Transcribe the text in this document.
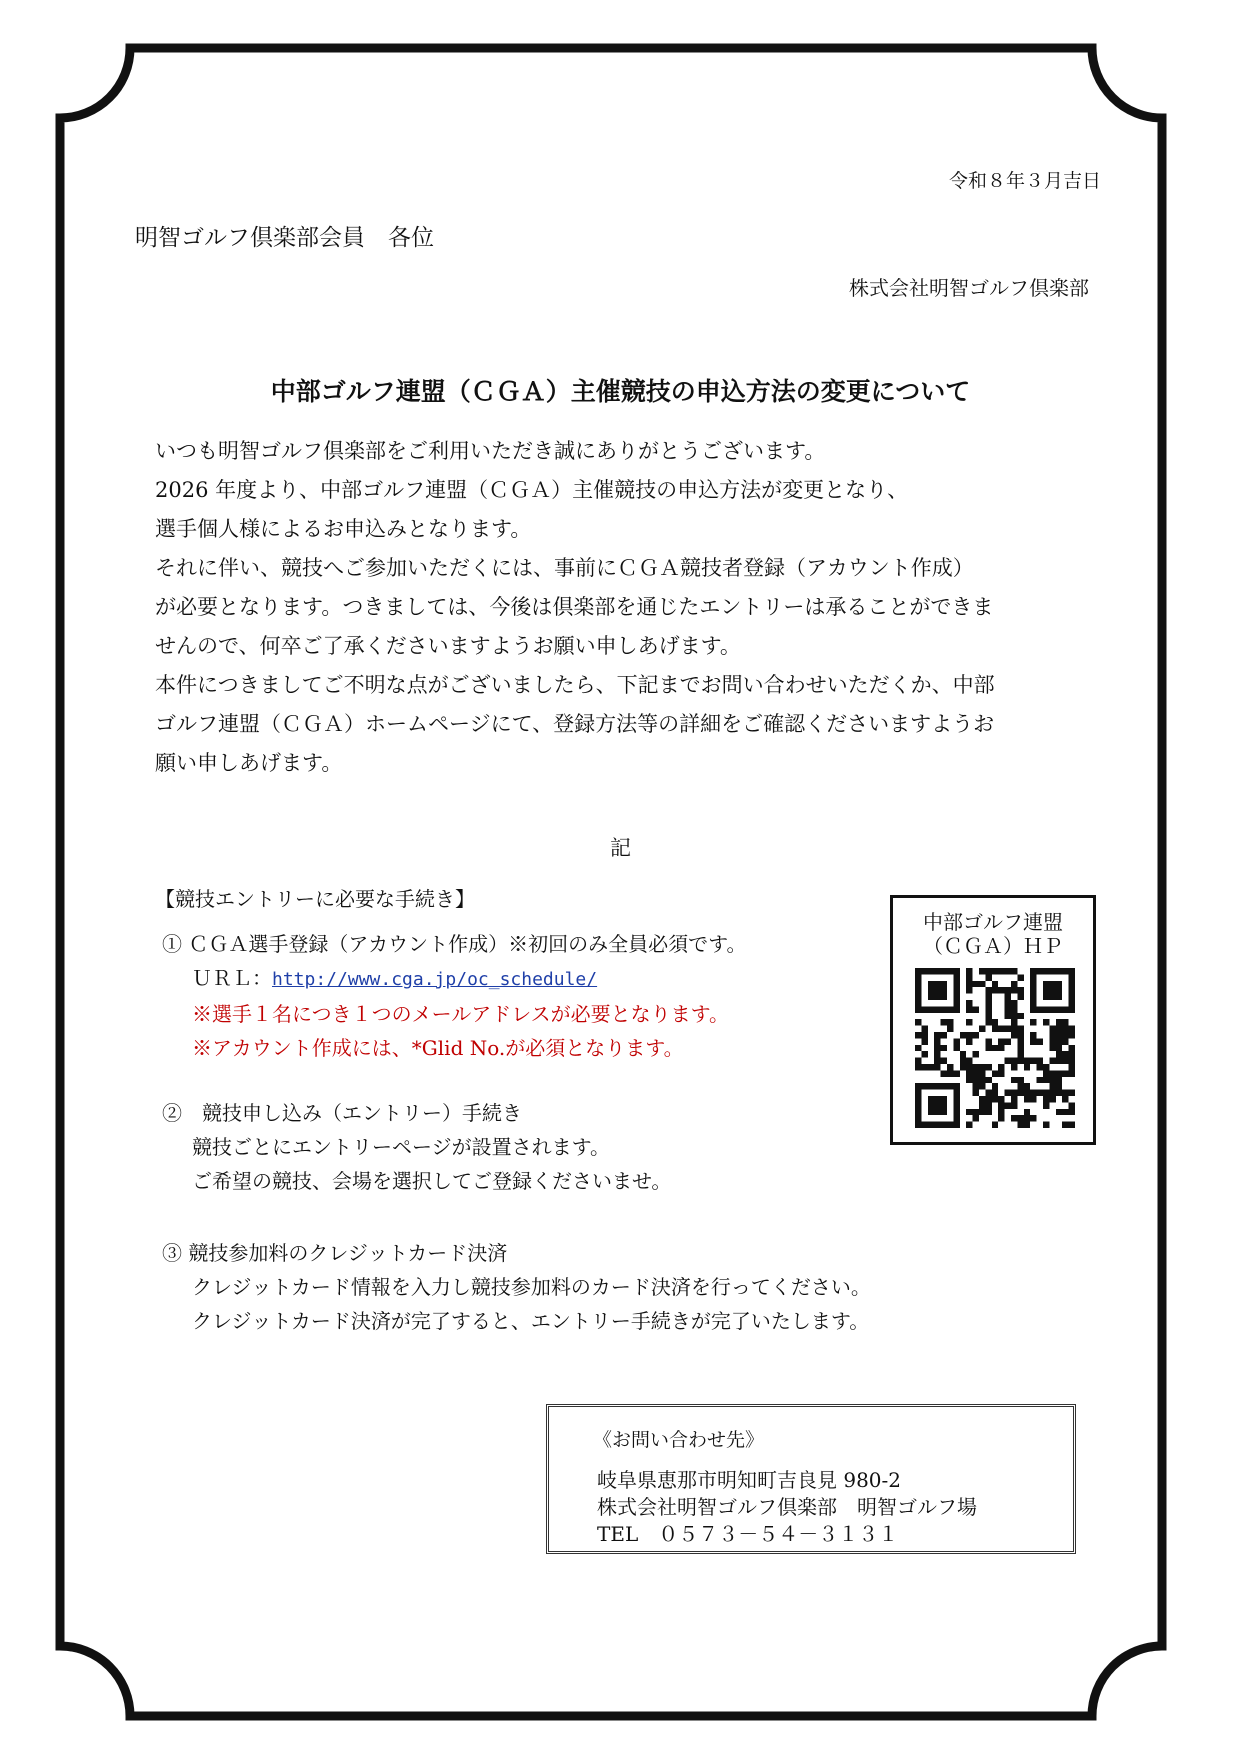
令和８年３月吉日
明智ゴルフ倶楽部会員　各位
株式会社明智ゴルフ倶楽部
中部ゴルフ連盟（ＣＧＡ）主催競技の申込方法の変更について
いつも明智ゴルフ倶楽部をご利用いただき誠にありがとうございます。
2026 年度より、中部ゴルフ連盟（ＣＧＡ）主催競技の申込方法が変更となり、
選手個人様によるお申込みとなります。
それに伴い、競技へご参加いただくには、事前にＣＧＡ競技者登録（アカウント作成）
が必要となります。つきましては、今後は倶楽部を通じたエントリーは承ることができま
せんので、何卒ご了承くださいますようお願い申しあげます。
本件につきましてご不明な点がございましたら、下記までお問い合わせいただくか、中部
ゴルフ連盟（ＣＧＡ）ホームページにて、登録方法等の詳細をご確認くださいますようお
願い申しあげます。
記
【競技エントリーに必要な手続き】
① ＣＧＡ選手登録（アカウント作成）※初回のみ全員必須です。
ＵＲＬ：http://www.cga.jp/oc_schedule/
※選手１名につき１つのメールアドレスが必要となります。
※アカウント作成には、*Glid No.が必須となります。
②　競技申し込み（エントリー）手続き
競技ごとにエントリーページが設置されます。
ご希望の競技、会場を選択してご登録くださいませ。
③ 競技参加料のクレジットカード決済
クレジットカード情報を入力し競技参加料のカード決済を行ってください。
クレジットカード決済が完了すると、エントリー手続きが完了いたします。
中部ゴルフ連盟
（ＣＧＡ）ＨＰ
《お問い合わせ先》
岐阜県恵那市明知町吉良見 980-2
株式会社明智ゴルフ倶楽部　明智ゴルフ場
TEL　０５７３－５４－３１３１
